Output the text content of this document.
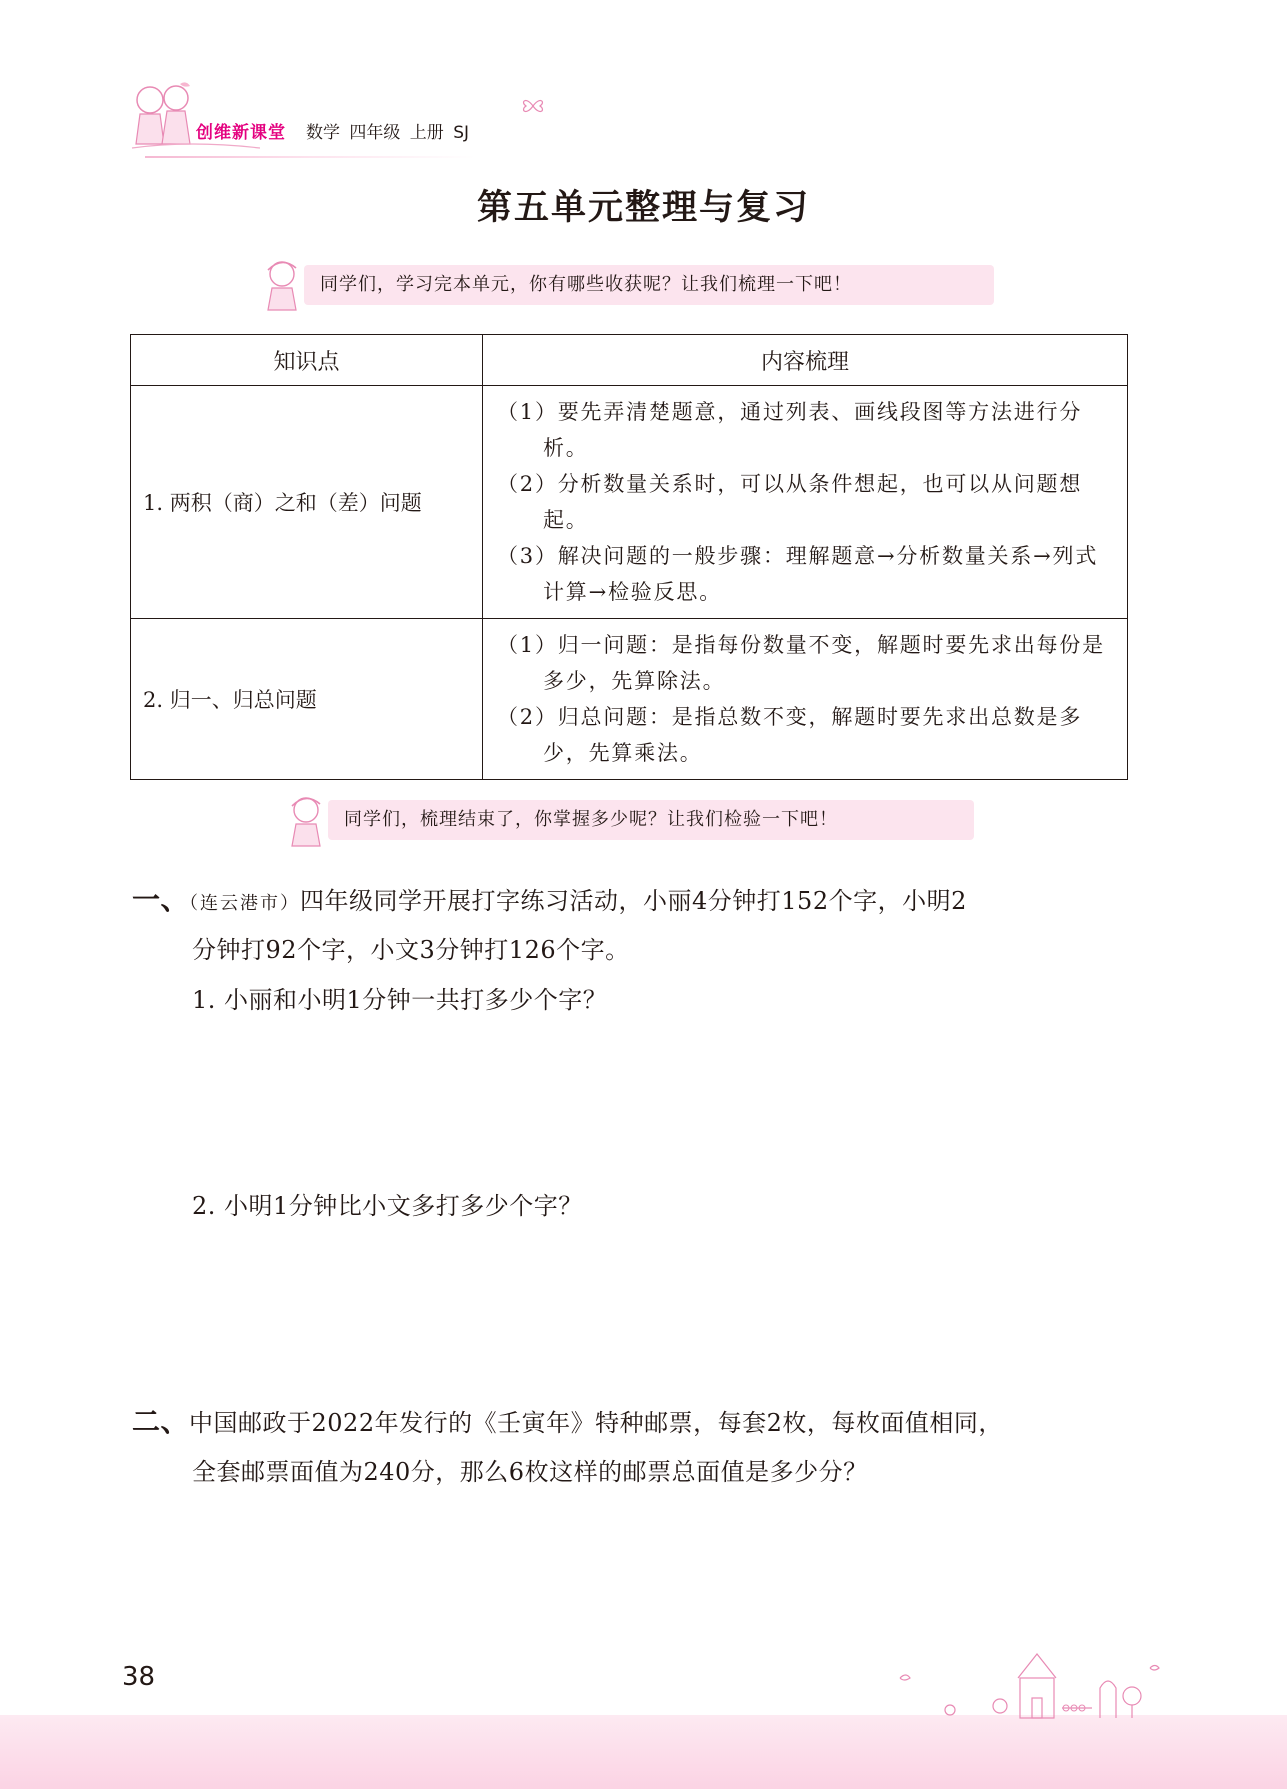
创维新课堂 数学 四年级 上册 SJ
第五单元整理与复习
同学们，学习完本单元，你有哪些收获呢？让我们梳理一下吧！
知识点	内容梳理
1. 两积（商）之和（差）问题	（1）要先弄清楚题意，通过列表、画线段图等方法进行分析。
（2）分析数量关系时，可以从条件想起，也可以从问题想起。
（3）解决问题的一般步骤：理解题意→分析数量关系→列式计算→检验反思。

2. 归一、归总问题	（1）归一问题：是指每份数量不变，解题时要先求出每份是多少，先算除法。
（2）归总问题：是指总数不变，解题时要先求出总数是多少，先算乘法。
同学们，梳理结束了，你掌握多少呢？让我们检验一下吧！
一、（连云港市）四年级同学开展打字练习活动，小丽4分钟打152个字，小明2
分钟打92个字，小文3分钟打126个字。
1. 小丽和小明1分钟一共打多少个字？
2. 小明1分钟比小文多打多少个字？
二、中国邮政于2022年发行的《壬寅年》特种邮票，每套2枚，每枚面值相同，
全套邮票面值为240分，那么6枚这样的邮票总面值是多少分？
38
